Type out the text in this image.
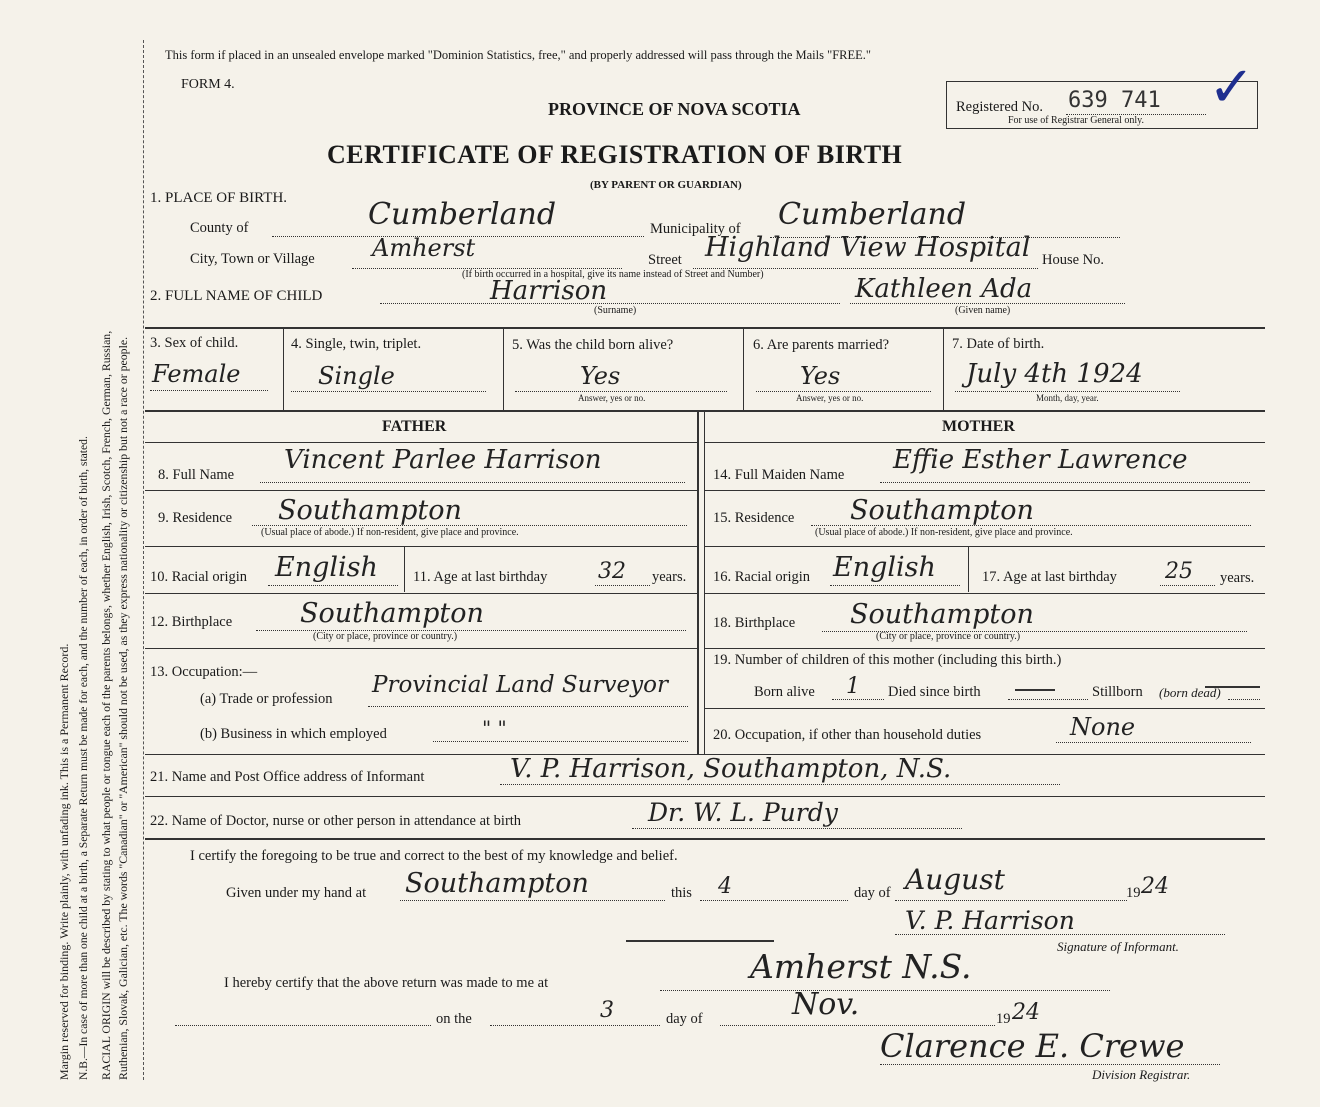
Margin reserved for binding. Write plainly, with unfading ink. This is a Permanent Record. N.B.—In case of more than one child at a birth, a Separate Return must be made for each, and the number of each, in order of birth, stated. RACIAL ORIGIN will be described by stating to what people or tongue each of the parents belongs, whether English, Irish, Scotch, French, German, Russian, Ruthenian, Slovak, Galician, etc. The words "Canadian" or "American" should not be used, as they express nationality or citizenship but not a race or people.
This form if placed in an unsealed envelope marked "Dominion Statistics, free," and properly addressed will pass through the Mails "FREE."
FORM 4.
PROVINCE OF NOVA SCOTIA
CERTIFICATE OF REGISTRATION OF BIRTH
(BY PARENT OR GUARDIAN)
Registered No. 639 741
For use of Registrar General only.
✓
1. PLACE OF BIRTH.
County of	Cumberland	Municipality of Cumberland
City, Town or Village Amherst	Street Highland View Hospital House No.
(If birth occurred in a hospital, give its name instead of Street and Number)
2. FULL NAME OF CHILD	Harrison
(Surname)
Kathleen Ada
(Given name)
3. Sex of child.
Female
4. Single, twin, triplet.
Single
5. Was the child born alive?
Yes
Answer, yes or no.
6. Are parents married?
Yes
Answer, yes or no.
7. Date of birth.
July 4th 1924
Month, day, year.
FATHER	MOTHER
8. Full Name Vincent Parlee Harrison
9. Residence Southampton
(Usual place of abode.) If non-resident, give place and province.
10. Racial origin English 11. Age at last birthday 32 years.
12. Birthplace	Southampton
(City or place, province or country.)
13. Occupation:—
(a) Trade or profession
Provincial Land Surveyor
(b) Business in which employed	" "
14. Full Maiden Name Effie Esther Lawrence
15. Residence Southampton
(Usual place of abode.) If non-resident, give place and province.
16. Racial origin English	17. Age at last birthday 25 years.
18. Birthplace Southampton
(City or place, province or country.)
19. Number of children of this mother (including this birth.)
Born alive 1 Died since birth	Stillborn (born dead)
20. Occupation, if other than household duties	None
21. Name and Post Office address of Informant	V. P. Harrison, Southampton, N.S.
22. Name of Doctor, nurse or other person in attendance at birth	Dr. W. L. Purdy
I certify the foregoing to be true and correct to the best of my knowledge and belief.
Given under my hand at Southampton	this 4	day of August	19 24
V. P. Harrison
Signature of Informant.
I hereby certify that the above return was made to me at	Amherst N.S.
on the	3	day of	Nov.	19 24
Clarence E. Crewe
Division Registrar.
